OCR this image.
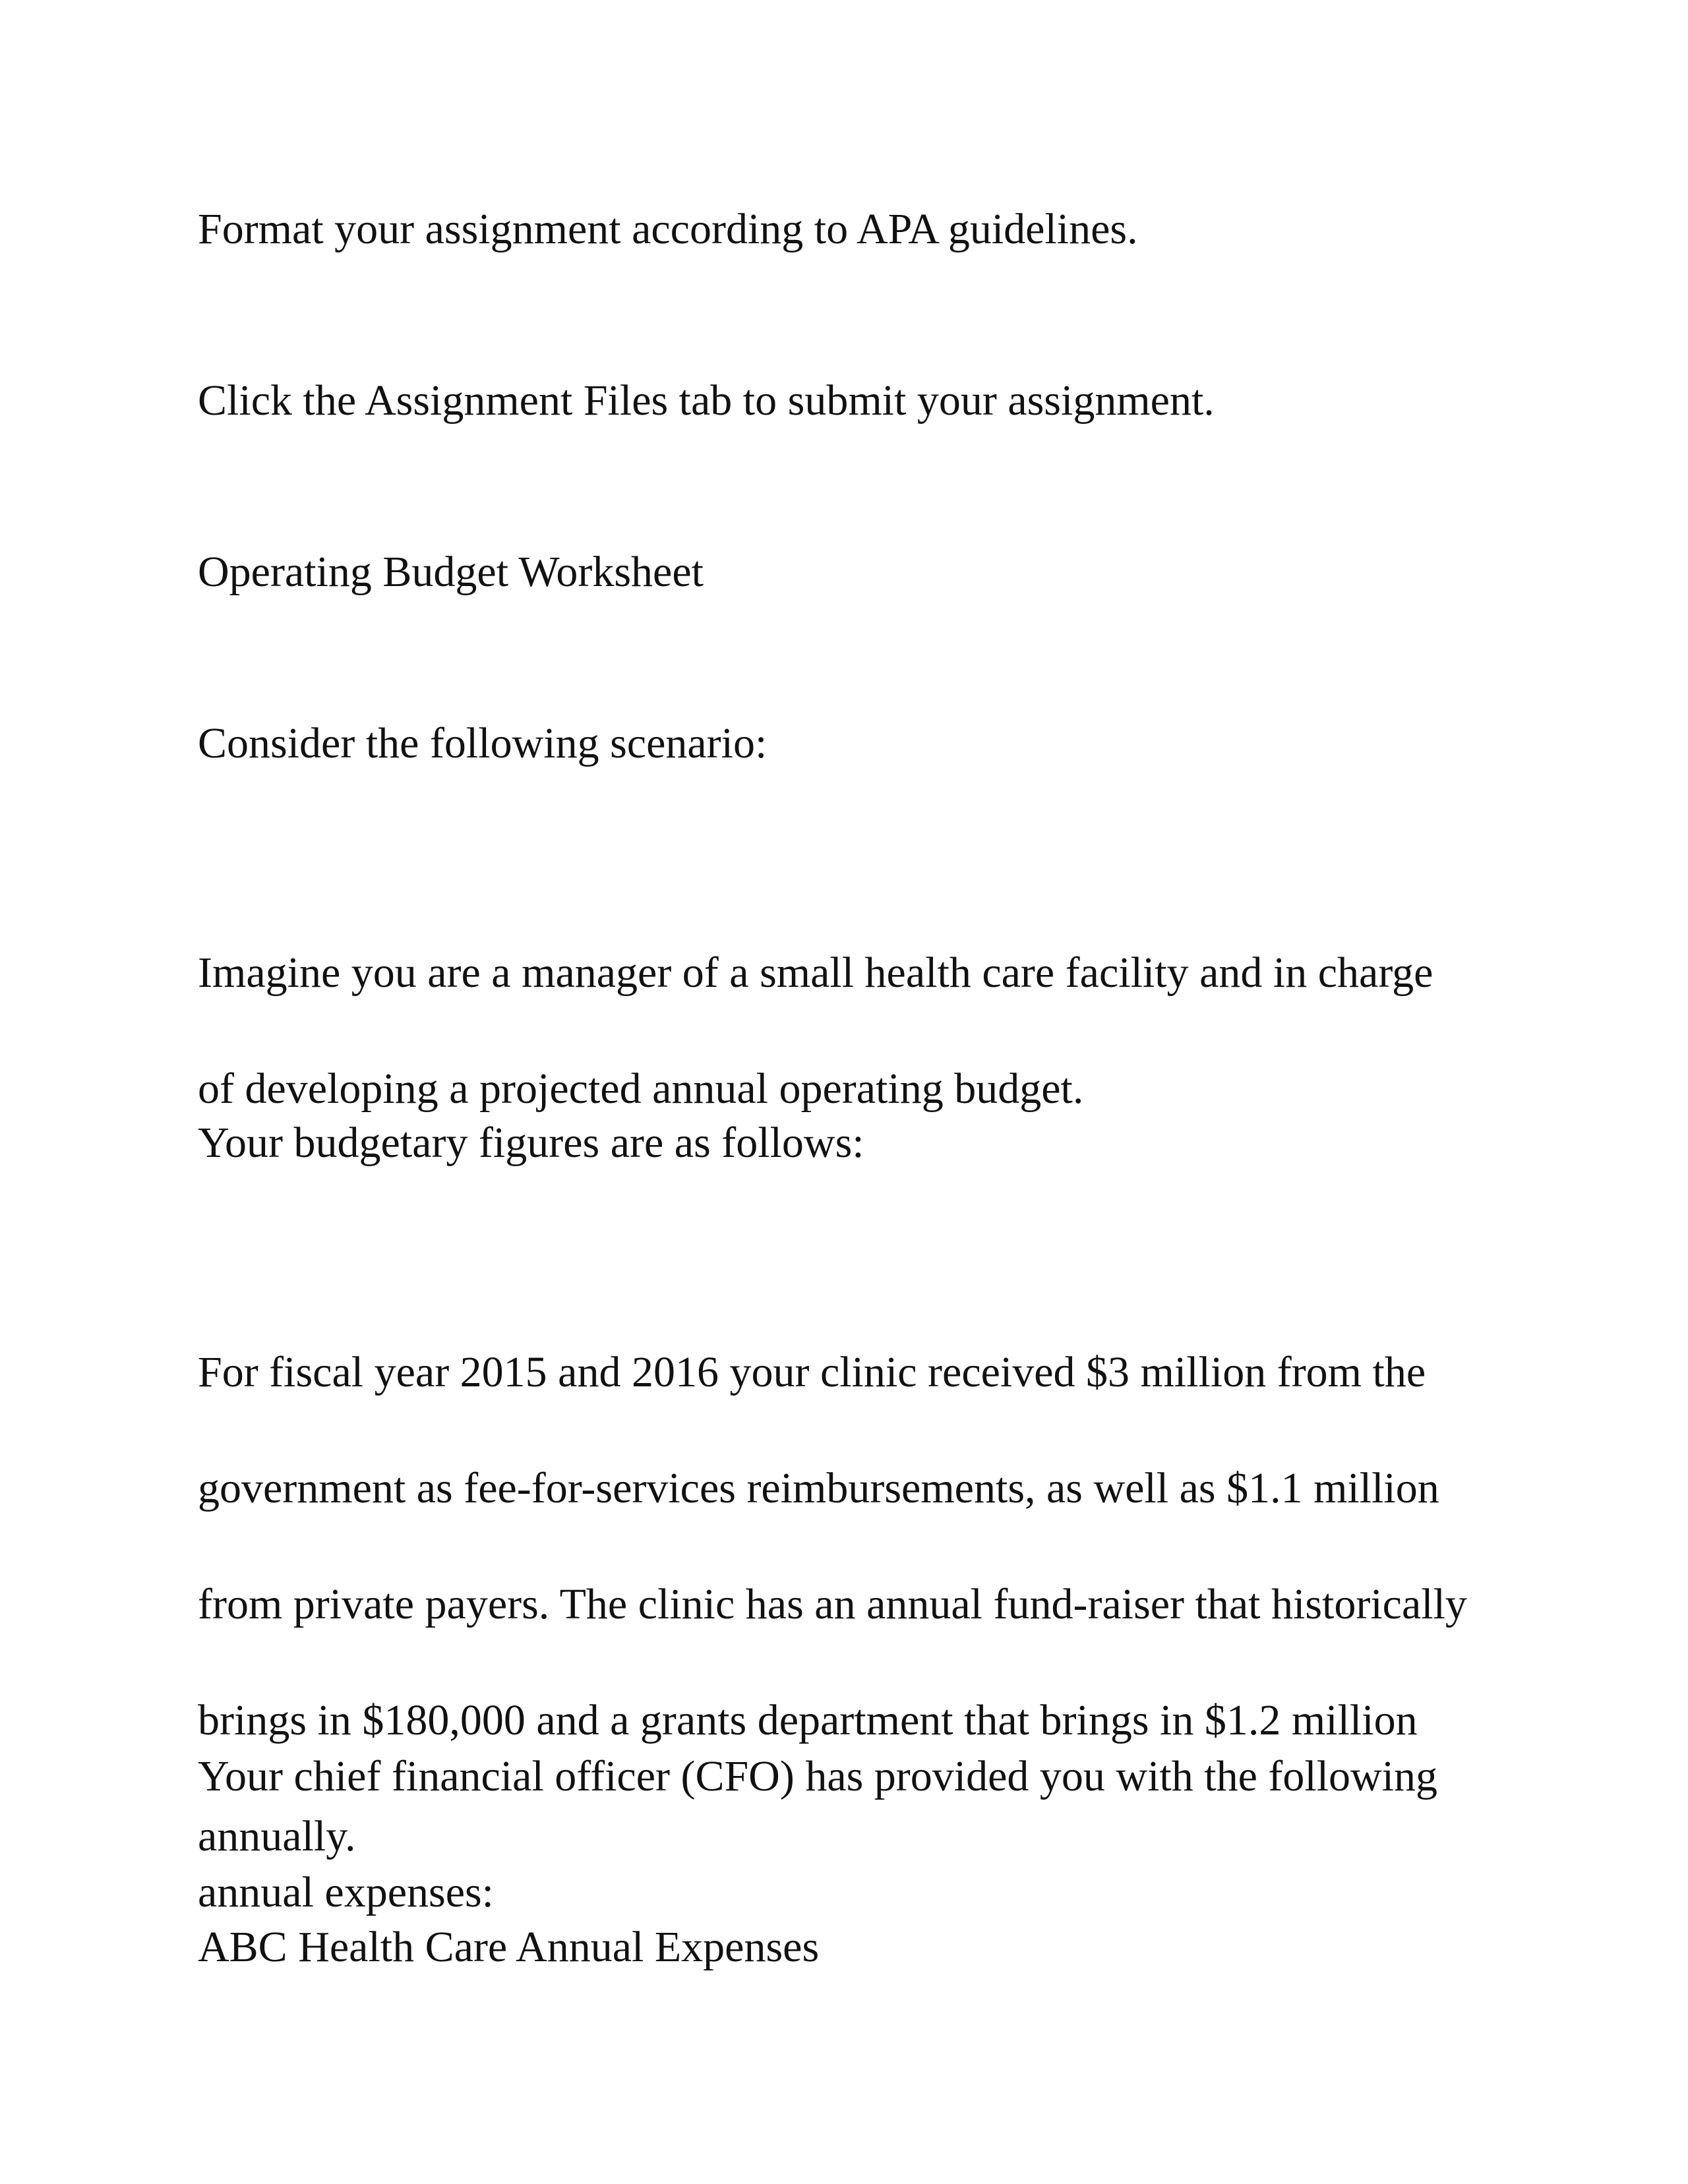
Format your assignment according to APA guidelines.

Click the Assignment Files tab to submit your assignment.

Operating Budget Worksheet

Consider the following scenario:

Imagine you are a manager of a small health care facility and in charge

of developing a projected annual operating budget.

Your budgetary figures are as follows:

For fiscal year 2015 and 2016 your clinic received $3 million from the

government as fee-for-services reimbursements, as well as $1.1 million

from private payers. The clinic has an annual fund-raiser that historically

brings in $180,000 and a grants department that brings in $1.2 million

annually.

Your chief financial officer (CFO) has provided you with the following

annual expenses:

ABC Health Care Annual Expenses
